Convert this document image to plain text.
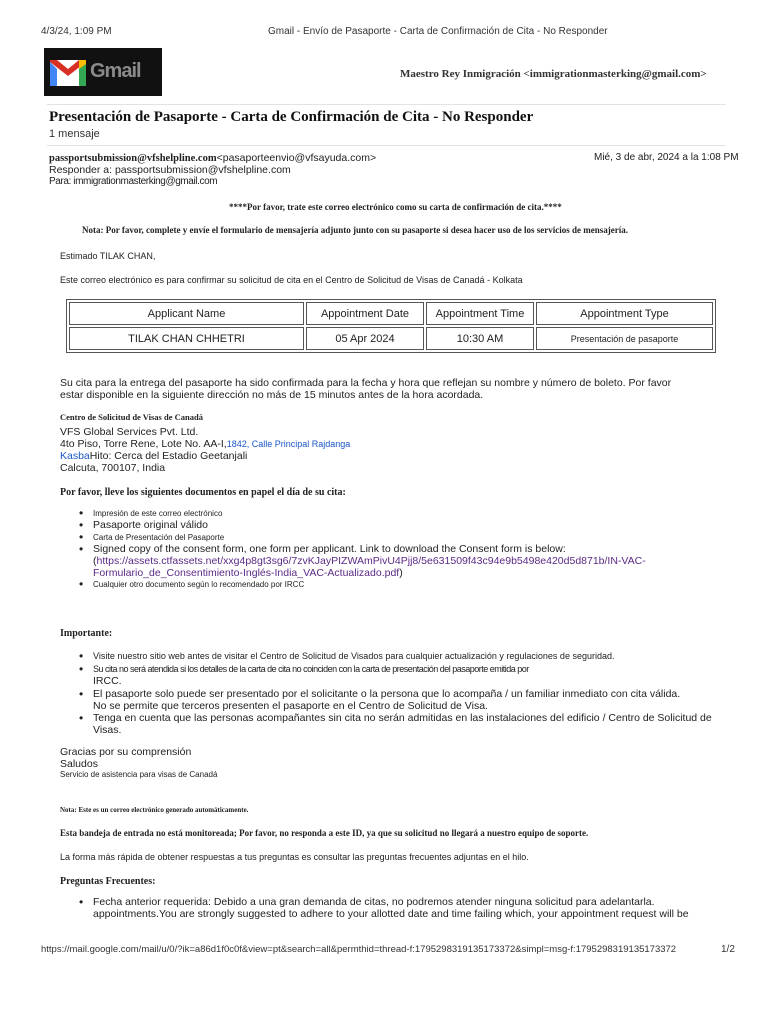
4/3/24, 1:09 PM	Gmail - Envío de Pasaporte - Carta de Confirmación de Cita - No Responder
Gmail	Maestro Rey Inmigración <immigrationmasterking@gmail.com>
Presentación de Pasaporte - Carta de Confirmación de Cita - No Responder
1 mensaje
passportsubmission@vfshelpline.com<pasaporteenvio@vfsayuda.com>	Mié, 3 de abr, 2024 a la 1:08 PM
Responder a: passportsubmission@vfshelpline.com
Para: immigrationmasterking@gmail.com
****Por favor, trate este correo electrónico como su carta de confirmación de cita.****
Nota: Por favor, complete y envíe el formulario de mensajería adjunto junto con su pasaporte si desea hacer uso de los servicios de mensajería.
Estimado TILAK CHAN,
Este correo electrónico es para confirmar su solicitud de cita en el Centro de Solicitud de Visas de Canadá - Kolkata
Applicant Name	Appointment Date	Appointment Time	Appointment Type
TILAK CHAN CHHETRI	05 Apr 2024	10:30 AM	Presentación de pasaporte
Su cita para la entrega del pasaporte ha sido confirmada para la fecha y hora que reflejan su nombre y número de boleto. Por favor
estar disponible en la siguiente dirección no más de 15 minutos antes de la hora acordada.
Centro de Solicitud de Visas de Canadá
VFS Global Services Pvt. Ltd.
4to Piso, Torre Rene, Lote No. AA-I,1842, Calle Principal Rajdanga
KasbaHito: Cerca del Estadio Geetanjali
Calcuta, 700107, India
Por favor, lleve los siguientes documentos en papel el día de su cita:
• Impresión de este correo electrónico
• Pasaporte original válido
• Carta de Presentación del Pasaporte
• Signed copy of the consent form, one form per applicant. Link to download the Consent form is below:
(https://assets.ctfassets.net/xxg4p8gt3sg6/7zvKJayPIZWAmPivU4Pjj8/5e631509f43c94e9b5498e420d5d871b/IN-VAC-
Formulario_de_Consentimiento-Inglés-India_VAC-Actualizado.pdf)
• Cualquier otro documento según lo recomendado por IRCC
Importante:
• Visite nuestro sitio web antes de visitar el Centro de Solicitud de Visados para cualquier actualización y regulaciones de seguridad.
• Su cita no será atendida si los detalles de la carta de cita no coinciden con la carta de presentación del pasaporte emitida por
IRCC.
• El pasaporte solo puede ser presentado por el solicitante o la persona que lo acompaña / un familiar inmediato con cita válida.
No se permite que terceros presenten el pasaporte en el Centro de Solicitud de Visa.
• Tenga en cuenta que las personas acompañantes sin cita no serán admitidas en las instalaciones del edificio / Centro de Solicitud de Visas.
Gracias por su comprensión
Saludos
Servicio de asistencia para visas de Canadá
Nota: Este es un correo electrónico generado automáticamente.
Esta bandeja de entrada no está monitoreada; Por favor, no responda a este ID, ya que su solicitud no llegará a nuestro equipo de soporte.
La forma más rápida de obtener respuestas a tus preguntas es consultar las preguntas frecuentes adjuntas en el hilo.
Preguntas Frecuentes:
• Fecha anterior requerida: Debido a una gran demanda de citas, no podremos atender ninguna solicitud para adelantarla.
appointments.You are strongly suggested to adhere to your allotted date and time failing which, your appointment request will be
https://mail.google.com/mail/u/0/?ik=a86d1f0c0f&view=pt&search=all&permthid=thread-f:1795298319135173372&simpl=msg-f:1795298319135173372	1/2
